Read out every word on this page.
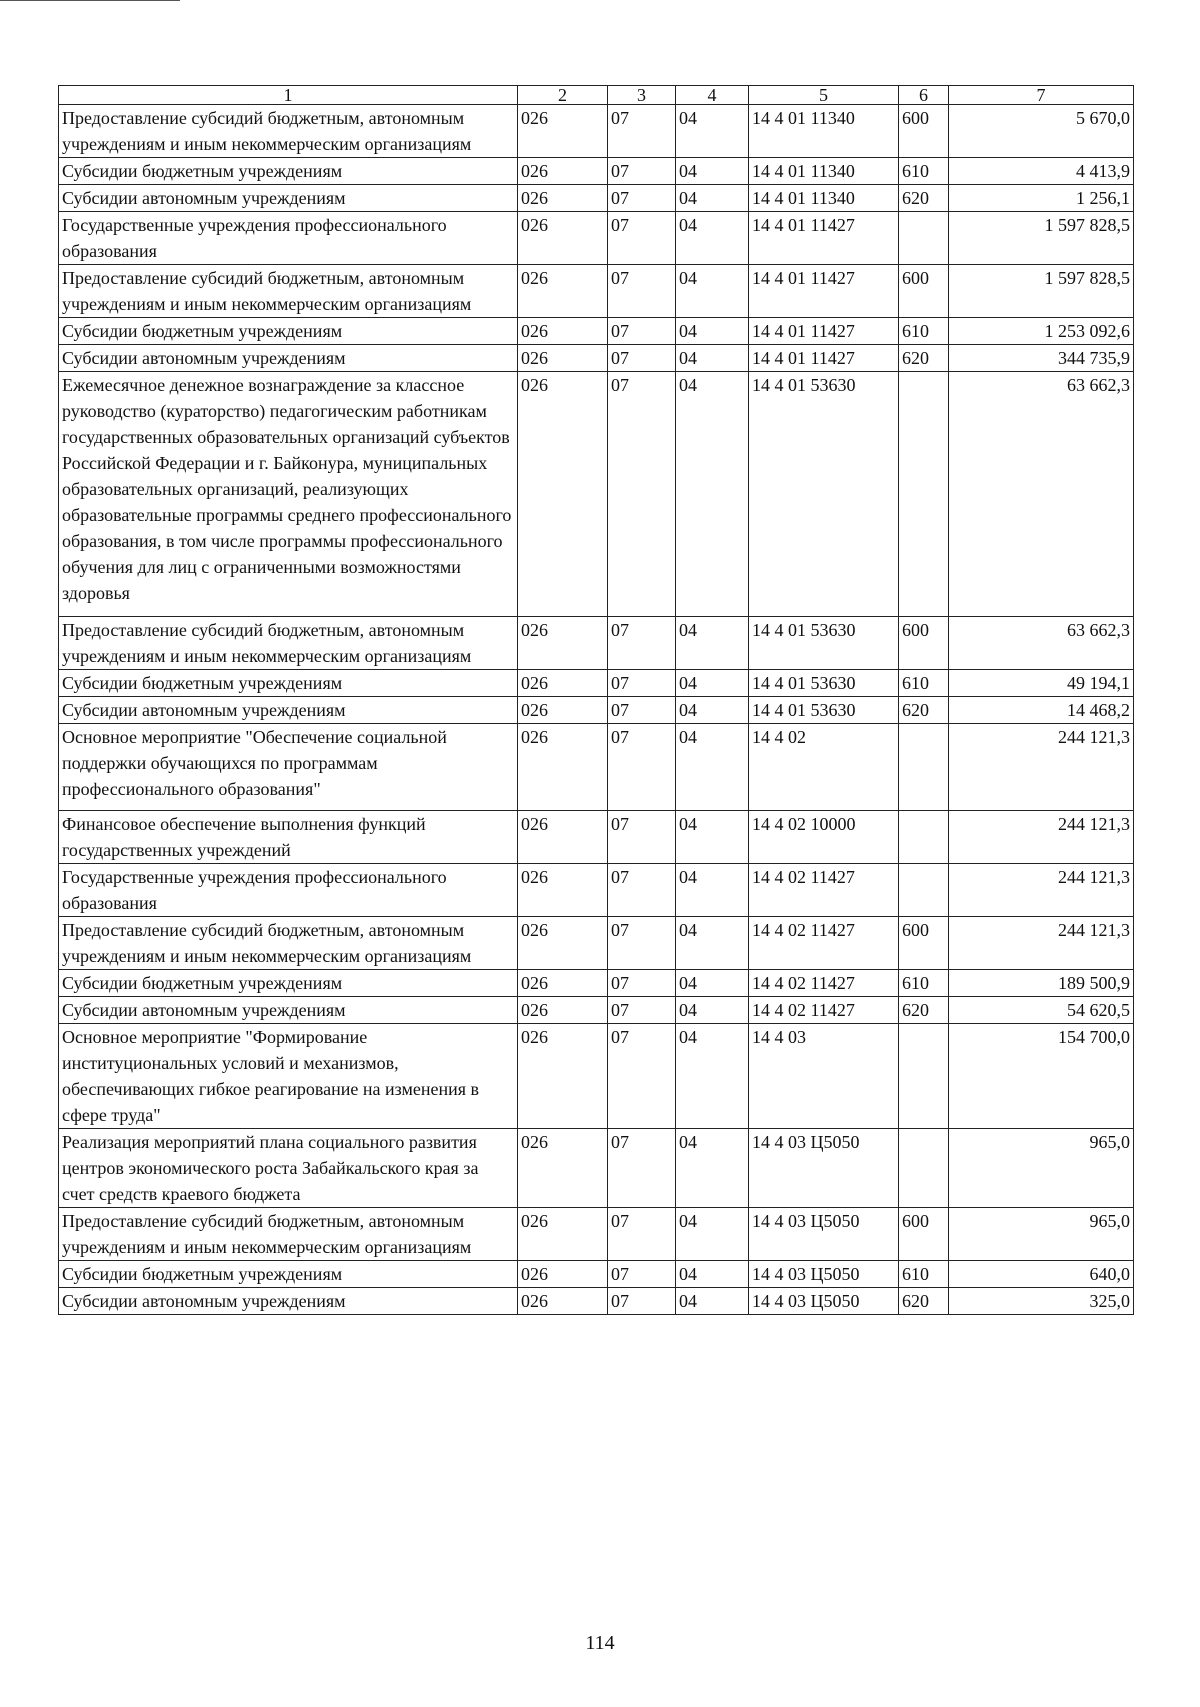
1	2	3	4	5	6	7
Предоставление субсидий бюджетным, автономным учреждениям и иным некоммерческим организациям	026	07	04	14 4 01 11340	600	5 670,0
Субсидии бюджетным учреждениям	026	07	04	14 4 01 11340	610	4 413,9
Субсидии автономным учреждениям	026	07	04	14 4 01 11340	620	1 256,1
Государственные учреждения профессионального образования	026	07	04	14 4 01 11427		1 597 828,5
Предоставление субсидий бюджетным, автономным учреждениям и иным некоммерческим организациям	026	07	04	14 4 01 11427	600	1 597 828,5
Субсидии бюджетным учреждениям	026	07	04	14 4 01 11427	610	1 253 092,6
Субсидии автономным учреждениям	026	07	04	14 4 01 11427	620	344 735,9
Ежемесячное денежное вознаграждение за классное руководство (кураторство) педагогическим работникам государственных образовательных организаций субъектов Российской Федерации и г. Байконура, муниципальных образовательных организаций, реализующих образовательные программы среднего профессионального образования, в том числе программы профессионального обучения для лиц с ограниченными возможностями здоровья	026	07	04	14 4 01 53630		63 662,3
Предоставление субсидий бюджетным, автономным учреждениям и иным некоммерческим организациям	026	07	04	14 4 01 53630	600	63 662,3
Субсидии бюджетным учреждениям	026	07	04	14 4 01 53630	610	49 194,1
Субсидии автономным учреждениям	026	07	04	14 4 01 53630	620	14 468,2
Основное мероприятие "Обеспечение социальной поддержки обучающихся по программам профессионального образования"	026	07	04	14 4 02		244 121,3
Финансовое обеспечение выполнения функций государственных учреждений	026	07	04	14 4 02 10000		244 121,3
Государственные учреждения профессионального образования	026	07	04	14 4 02 11427		244 121,3
Предоставление субсидий бюджетным, автономным учреждениям и иным некоммерческим организациям	026	07	04	14 4 02 11427	600	244 121,3
Субсидии бюджетным учреждениям	026	07	04	14 4 02 11427	610	189 500,9
Субсидии автономным учреждениям	026	07	04	14 4 02 11427	620	54 620,5
Основное мероприятие "Формирование институциональных условий и механизмов, обеспечивающих гибкое реагирование на изменения в сфере труда"	026	07	04	14 4 03		154 700,0
Реализация мероприятий плана социального развития центров экономического роста Забайкальского края за счет средств краевого бюджета	026	07	04	14 4 03 Ц5050		965,0
Предоставление субсидий бюджетным, автономным учреждениям и иным некоммерческим организациям	026	07	04	14 4 03 Ц5050	600	965,0
Субсидии бюджетным учреждениям	026	07	04	14 4 03 Ц5050	610	640,0
Субсидии автономным учреждениям	026	07	04	14 4 03 Ц5050	620	325,0
114
